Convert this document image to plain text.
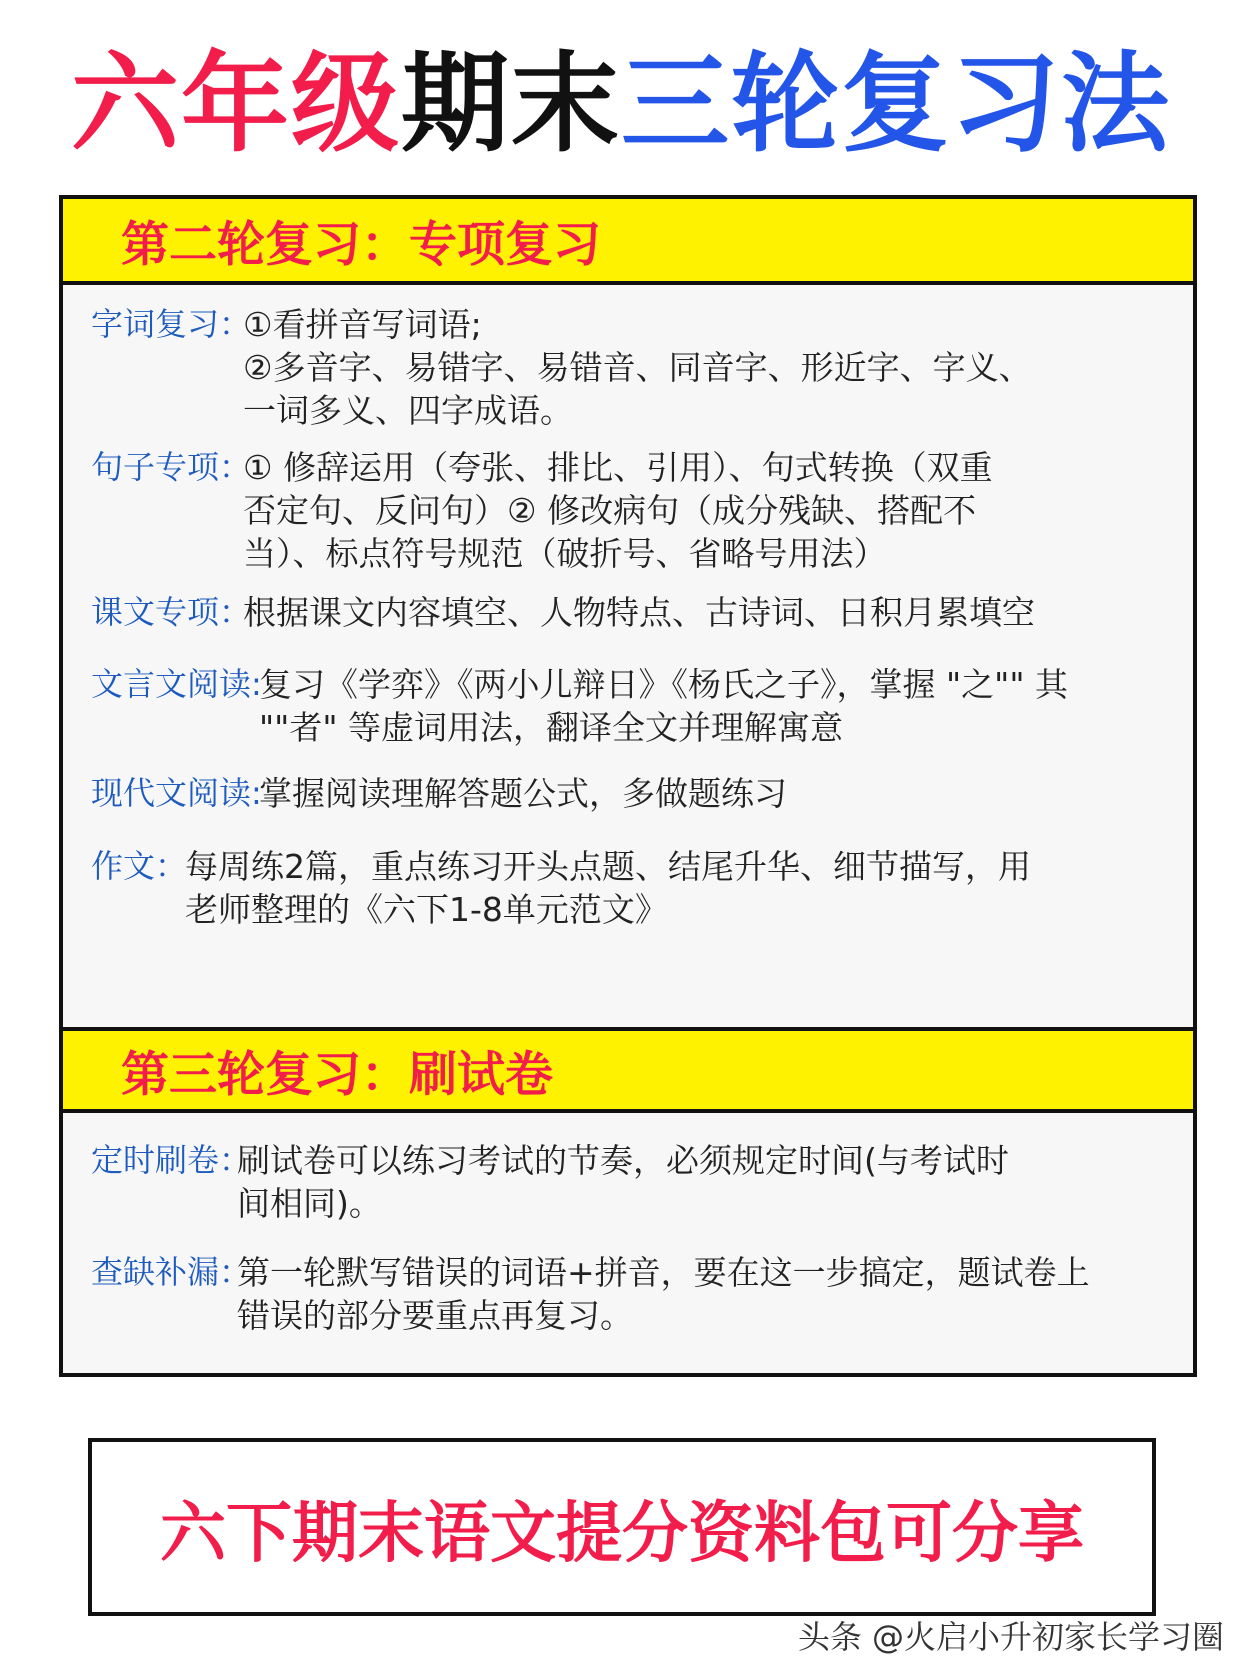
六年级期末三轮复习法
第二轮复习：专项复习
字词复习：
①看拼音写词语;
②多音字、易错字、易错音、同音字、形近字、字义、
一词多义、四字成语。
句子专项：
① 修辞运用（夸张、排比、引用）、句式转换（双重
否定句、反问句）② 修改病句（成分残缺、搭配不
当）、标点符号规范（破折号、省略号用法）
课文专项：
根据课文内容填空、人物特点、古诗词、日积月累填空
文言文阅读:
复习《学弈》《两小儿辩日》《杨氏之子》，掌握 "之"" 其
""者" 等虚词用法，翻译全文并理解寓意
现代文阅读:
掌握阅读理解答题公式，多做题练习
作文：
每周练2篇，重点练习开头点题、结尾升华、细节描写，用
老师整理的《六下1-8单元范文》
第三轮复习：刷试卷
定时刷卷：
刷试卷可以练习考试的节奏，必须规定时间(与考试时
间相同)。
查缺补漏：
第一轮默写错误的词语+拼音，要在这一步搞定，题试卷上
错误的部分要重点再复习。
六下期末语文提分资料包可分享
头条 @火启小升初家长学习圈
